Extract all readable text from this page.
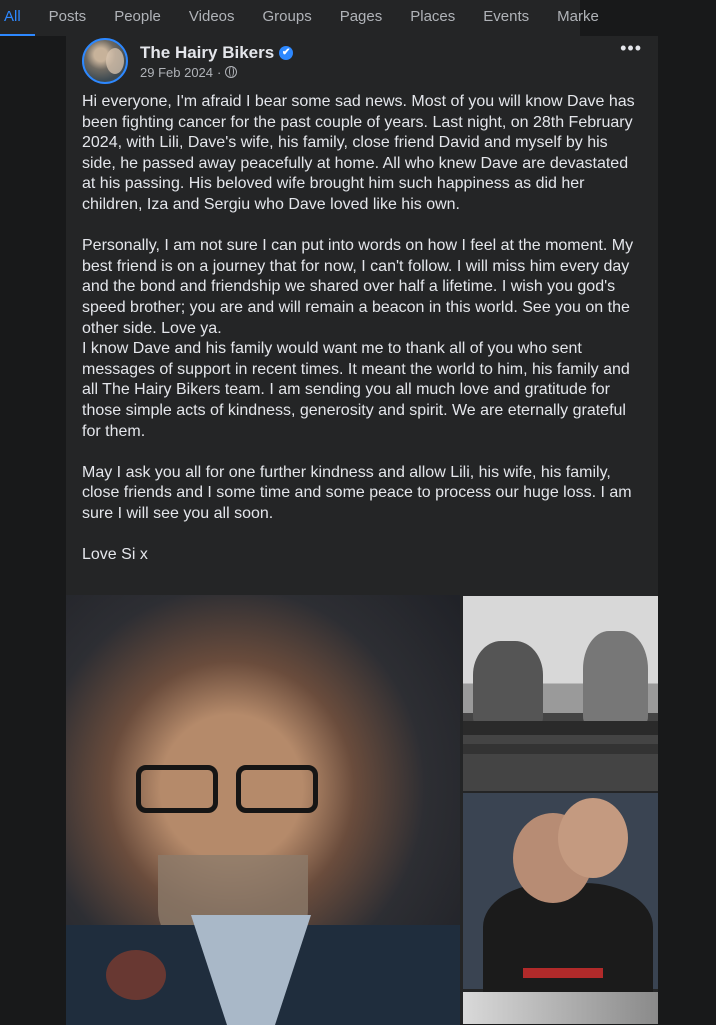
All	Posts	People	Videos	Groups	Pages	Places	Events	Marke
The Hairy Bikers ✔
29 Feb 2024 ·
•••

Hi everyone, I'm afraid I bear some sad news. Most of you will know Dave has been fighting cancer for the past couple of years. Last night, on 28th February 2024, with Lili, Dave's wife, his family, close friend David and myself by his side, he passed away peacefully at home. All who knew Dave are devastated at his passing. His beloved wife brought him such happiness as did her children, Iza and Sergiu who Dave loved like his own.

Personally, I am not sure I can put into words on how I feel at the moment. My best friend is on a journey that for now, I can't follow. I will miss him every day and the bond and friendship we shared over half a lifetime. I wish you god's speed brother; you are and will remain a beacon in this world. See you on the other side. Love ya.

I know Dave and his family would want me to thank all of you who sent messages of support in recent times. It meant the world to him, his family and all The Hairy Bikers team. I am sending you all much love and gratitude for those simple acts of kindness, generosity and spirit. We are eternally grateful for them.

May I ask you all for one further kindness and allow Lili, his wife, his family, close friends and I some time and some peace to process our huge loss. I am sure I will see you all soon.

Love Si x
